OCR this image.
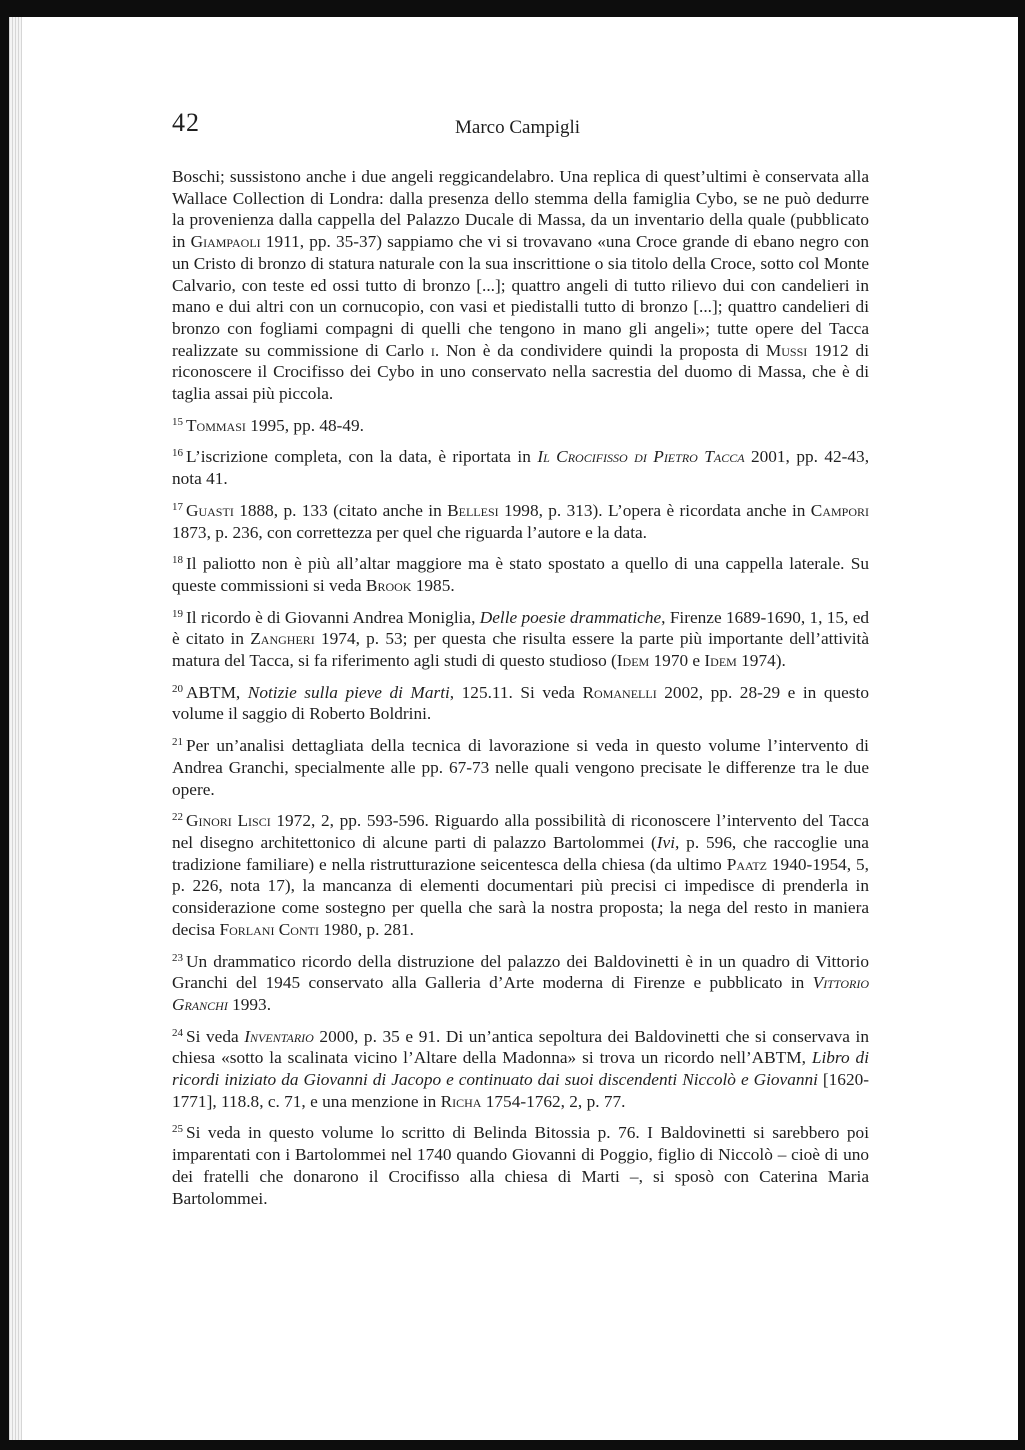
42	Marco Campigli

Boschi; sussistono anche i due angeli reggicandelabro. Una replica di quest’ultimi è conservata alla Wallace Collection di Londra: dalla presenza dello stemma della famiglia Cybo, se ne può dedurre la provenienza dalla cappella del Palazzo Ducale di Massa, da un inventario della quale (pubblicato in Giampaoli 1911, pp. 35-37) sappiamo che vi si trovavano «una Croce grande di ebano negro con un Cristo di bronzo di statura naturale con la sua inscrittione o sia titolo della Croce, sotto col Monte Calvario, con teste ed ossi tutto di bronzo [...]; quattro angeli di tutto rilievo dui con candelieri in mano e dui altri con un cornucopio, con vasi et piedistalli tutto di bronzo [...]; quattro candelieri di bronzo con fogliami compagni di quelli che tengono in mano gli angeli»; tutte opere del Tacca realizzate su commissione di Carlo i. Non è da condividere quindi la proposta di Mussi 1912 di riconoscere il Crocifisso dei Cybo in uno conservato nella sacrestia del duomo di Massa, che è di taglia assai più piccola.

$^{15}$ Tommasi 1995, pp. 48-49.

$^{16}$ L’iscrizione completa, con la data, è riportata in Il Crocifisso di Pietro Tacca 2001, pp. 42-43, nota 41.

$^{17}$ Guasti 1888, p. 133 (citato anche in Bellesi 1998, p. 313). L’opera è ricordata anche in Campori 1873, p. 236, con correttezza per quel che riguarda l’autore e la data.

$^{18}$ Il paliotto non è più all’altar maggiore ma è stato spostato a quello di una cappella laterale. Su queste commissioni si veda Brook 1985.

$^{19}$ Il ricordo è di Giovanni Andrea Moniglia, Delle poesie drammatiche, Firenze 1689-1690, 1, 15, ed è citato in Zangheri 1974, p. 53; per questa che risulta essere la parte più importante dell’attività matura del Tacca, si fa riferimento agli studi di questo studioso (Idem 1970 e Idem 1974).

$^{20}$ ABTM, Notizie sulla pieve di Marti, 125.11. Si veda Romanelli 2002, pp. 28-29 e in questo volume il saggio di Roberto Boldrini.

$^{21}$ Per un’analisi dettagliata della tecnica di lavorazione si veda in questo volume l’intervento di Andrea Granchi, specialmente alle pp. 67-73 nelle quali vengono precisate le differenze tra le due opere.

$^{22}$ Ginori Lisci 1972, 2, pp. 593-596. Riguardo alla possibilità di riconoscere l’intervento del Tacca nel disegno architettonico di alcune parti di palazzo Bartolommei (Ivi, p. 596, che raccoglie una tradizione familiare) e nella ristrutturazione seicentesca della chiesa (da ultimo Paatz 1940-1954, 5, p. 226, nota 17), la mancanza di elementi documentari più precisi ci impedisce di prenderla in considerazione come sostegno per quella che sarà la nostra proposta; la nega del resto in maniera decisa Forlani Conti 1980, p. 281.

$^{23}$ Un drammatico ricordo della distruzione del palazzo dei Baldovinetti è in un quadro di Vittorio Granchi del 1945 conservato alla Galleria d’Arte moderna di Firenze e pubblicato in Vittorio Granchi 1993.

$^{24}$ Si veda Inventario 2000, p. 35 e 91. Di un’antica sepoltura dei Baldovinetti che si conservava in chiesa «sotto la scalinata vicino l’Altare della Madonna» si trova un ricordo nell’ABTM, Libro di ricordi iniziato da Giovanni di Jacopo e continuato dai suoi discendenti Niccolò e Giovanni [1620-1771], 118.8, c. 71, e una menzione in Richa 1754-1762, 2, p. 77.

$^{25}$ Si veda in questo volume lo scritto di Belinda Bitossia p. 76. I Baldovinetti si sarebbero poi imparentati con i Bartolommei nel 1740 quando Giovanni di Poggio, figlio di Niccolò – cioè di uno dei fratelli che donarono il Crocifisso alla chiesa di Marti –, si sposò con Caterina Maria Bartolommei.
